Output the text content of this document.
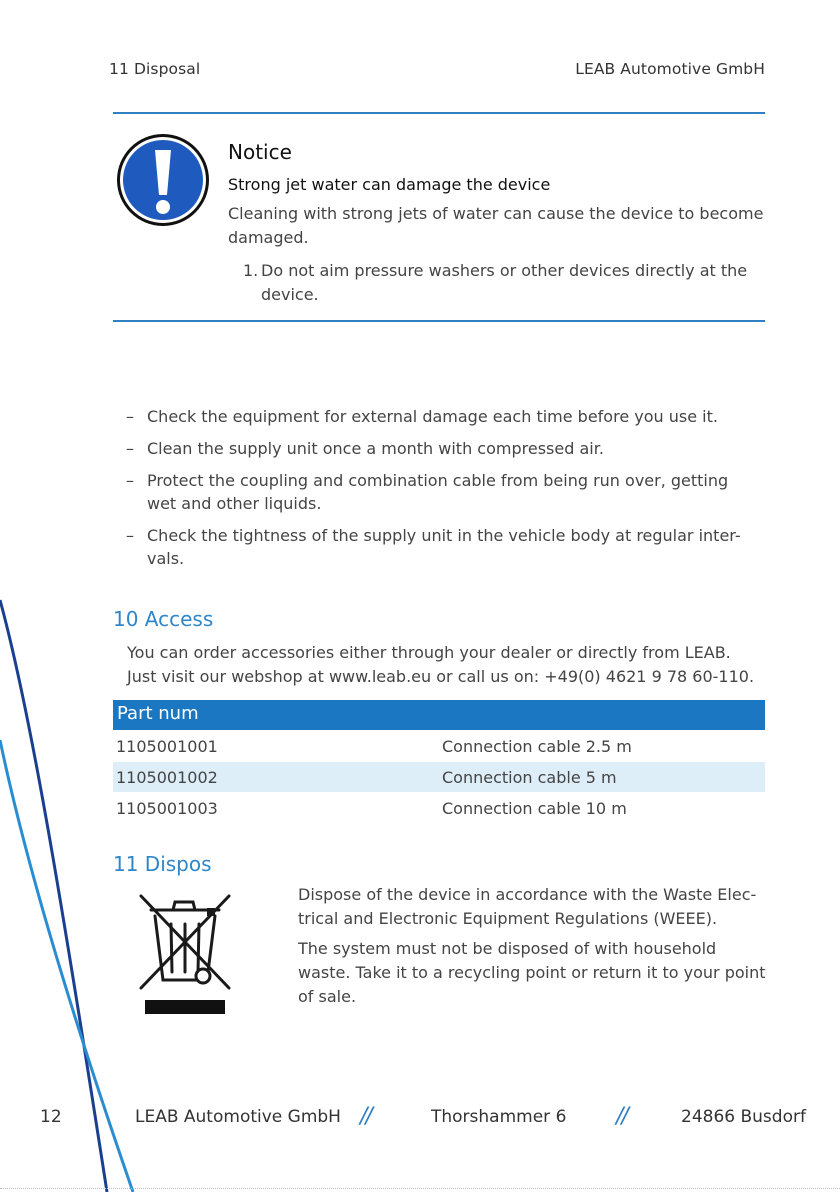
11 Disposal	LEAB Automotive GmbH
Notice
Strong jet water can damage the device
Cleaning with strong jets of water can cause the device to become damaged.
1. Do not aim pressure washers or other devices directly at the device.
– Check the equipment for external damage each time before you use it.
– Clean the supply unit once a month with compressed air.
– Protect the coupling and combination cable from being run over, getting wet and other liquids.
– Check the tightness of the supply unit in the vehicle body at regular inter-vals.
10 Access
You can order accessories either through your dealer or directly from LEAB. Just visit our webshop at www.leab.eu or call us on: +49(0) 4621 9 78 60-110.
Part num
1105001001	Connection cable 2.5 m
1105001002	Connection cable 5 m
1105001003	Connection cable 10 m
11 Dispos

Dispose of the device in accordance with the Waste Elec-trical and Electronic Equipment Regulations (WEEE).

The system must not be disposed of with household waste. Take it to a recycling point or return it to your point of sale.

12	LEAB Automotive GmbH //	Thorshammer 6 //	24866 Busdorf
